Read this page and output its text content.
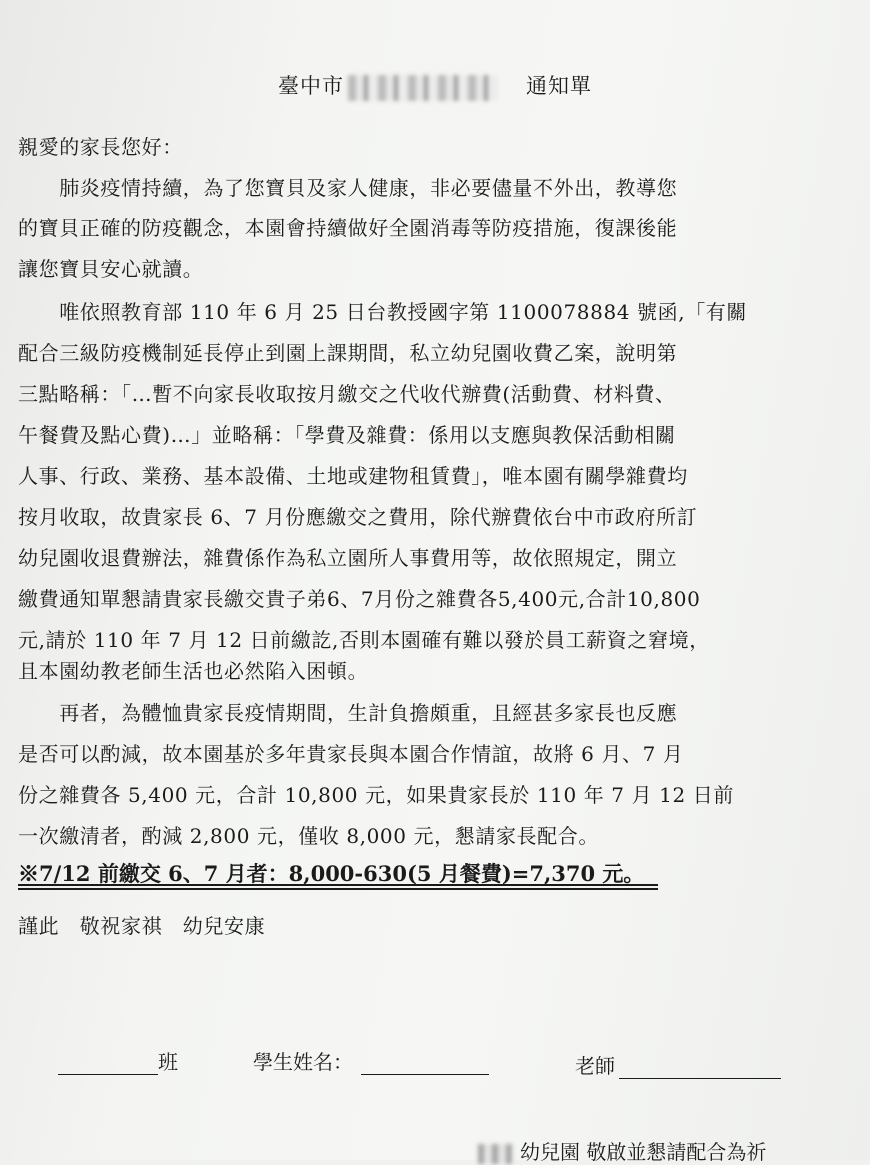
臺中市	通知單
親愛的家長您好：
　　肺炎疫情持續，為了您寶貝及家人健康，非必要儘量不外出，教導您
的寶貝正確的防疫觀念，本園會持續做好全園消毒等防疫措施，復課後能
讓您寶貝安心就讀。
　　唯依照教育部 110 年 6 月 25 日台教授國字第 1100078884 號函,「有關
配合三級防疫機制延長停止到園上課期間，私立幼兒園收費乙案，說明第
三點略稱：「…暫不向家長收取按月繳交之代收代辦費(活動費、材料費、
午餐費及點心費)…」並略稱：「學費及雜費：係用以支應與教保活動相關
人事、行政、業務、基本設備、土地或建物租賃費」，唯本園有關學雜費均
按月收取，故貴家長 6、7 月份應繳交之費用，除代辦費依台中市政府所訂
幼兒園收退費辦法，雜費係作為私立園所人事費用等，故依照規定，開立
繳費通知單懇請貴家長繳交貴子弟6、7月份之雜費各5,400元,合計10,800
元,請於 110 年 7 月 12 日前繳訖,否則本園確有難以發於員工薪資之窘境，
且本園幼教老師生活也必然陷入困頓。
　　再者，為體恤貴家長疫情期間，生計負擔頗重，且經甚多家長也反應
是否可以酌減，故本園基於多年貴家長與本園合作情誼，故將 6 月、7 月
份之雜費各 5,400 元，合計 10,800 元，如果貴家長於 110 年 7 月 12 日前
一次繳清者，酌減 2,800 元，僅收 8,000 元，懇請家長配合。
※7/12 前繳交 6、7 月者：8,000-630(5 月餐費)=7,370 元。
謹此　敬祝家祺　幼兒安康
班	學生姓名：	老師
幼兒園 敬啟並懇請配合為祈
